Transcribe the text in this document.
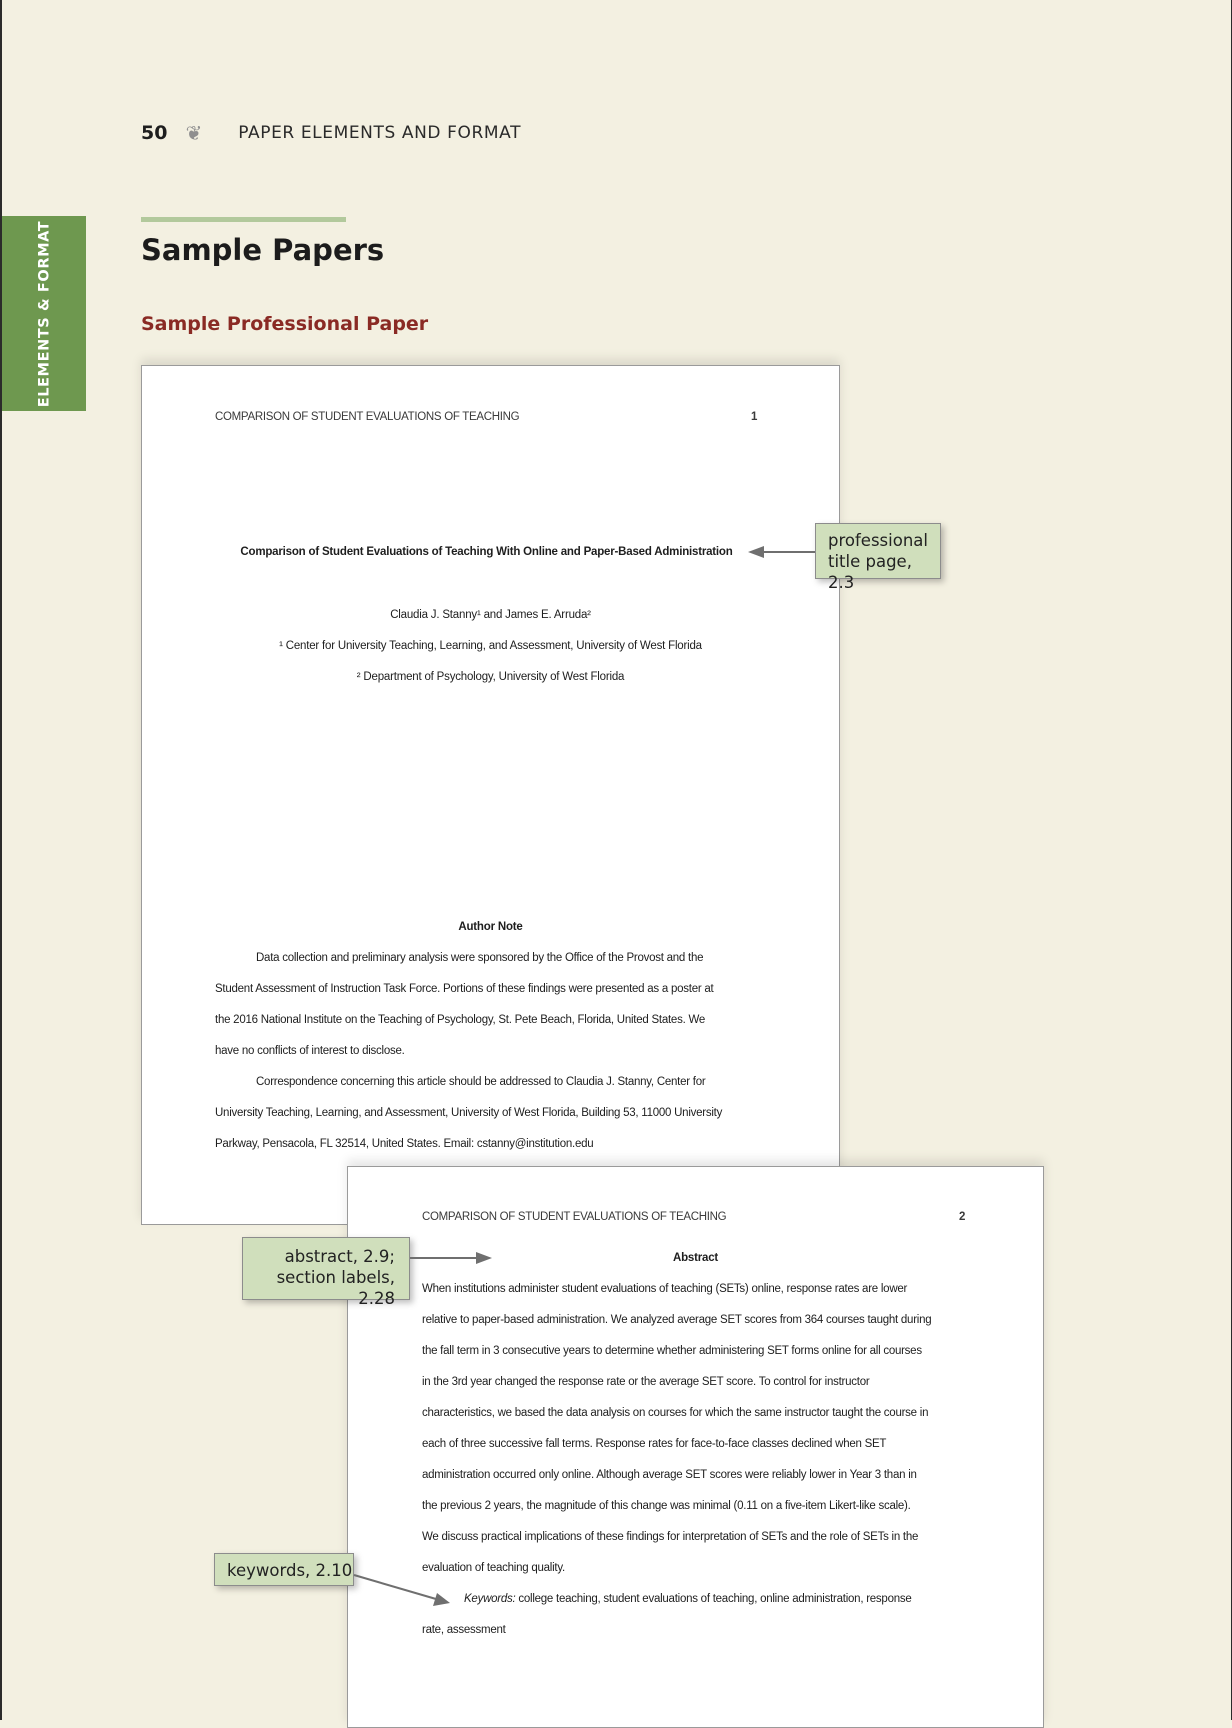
50 ❦ PAPER ELEMENTS AND FORMAT
ELEMENTS & FORMAT	Sample Papers
Sample Professional Paper
COMPARISON OF STUDENT EVALUATIONS OF TEACHING	1
Comparison of Student Evaluations of Teaching With Online and Paper-Based Administration
Claudia J. Stanny¹ and James E. Arruda²
¹ Center for University Teaching, Learning, and Assessment, University of West Florida
² Department of Psychology, University of West Florida
Author Note
Data collection and preliminary analysis were sponsored by the Office of the Provost and the
Student Assessment of Instruction Task Force. Portions of these findings were presented as a poster at
the 2016 National Institute on the Teaching of Psychology, St. Pete Beach, Florida, United States. We
have no conflicts of interest to disclose.
Correspondence concerning this article should be addressed to Claudia J. Stanny, Center for
University Teaching, Learning, and Assessment, University of West Florida, Building 53, 11000 University
Parkway, Pensacola, FL 32514, United States. Email: cstanny@institution.edu
COMPARISON OF STUDENT EVALUATIONS OF TEACHING	2
Abstract
When institutions administer student evaluations of teaching (SETs) online, response rates are lower
relative to paper-based administration. We analyzed average SET scores from 364 courses taught during
the fall term in 3 consecutive years to determine whether administering SET forms online for all courses
in the 3rd year changed the response rate or the average SET score. To control for instructor
characteristics, we based the data analysis on courses for which the same instructor taught the course in
each of three successive fall terms. Response rates for face-to-face classes declined when SET
administration occurred only online. Although average SET scores were reliably lower in Year 3 than in
the previous 2 years, the magnitude of this change was minimal (0.11 on a five-item Likert-like scale).
We discuss practical implications of these findings for interpretation of SETs and the role of SETs in the
evaluation of teaching quality.
Keywords: college teaching, student evaluations of teaching, online administration, response
rate, assessment
professional
title page, 2.3
abstract, 2.9;
section labels, 2.28
keywords, 2.10
